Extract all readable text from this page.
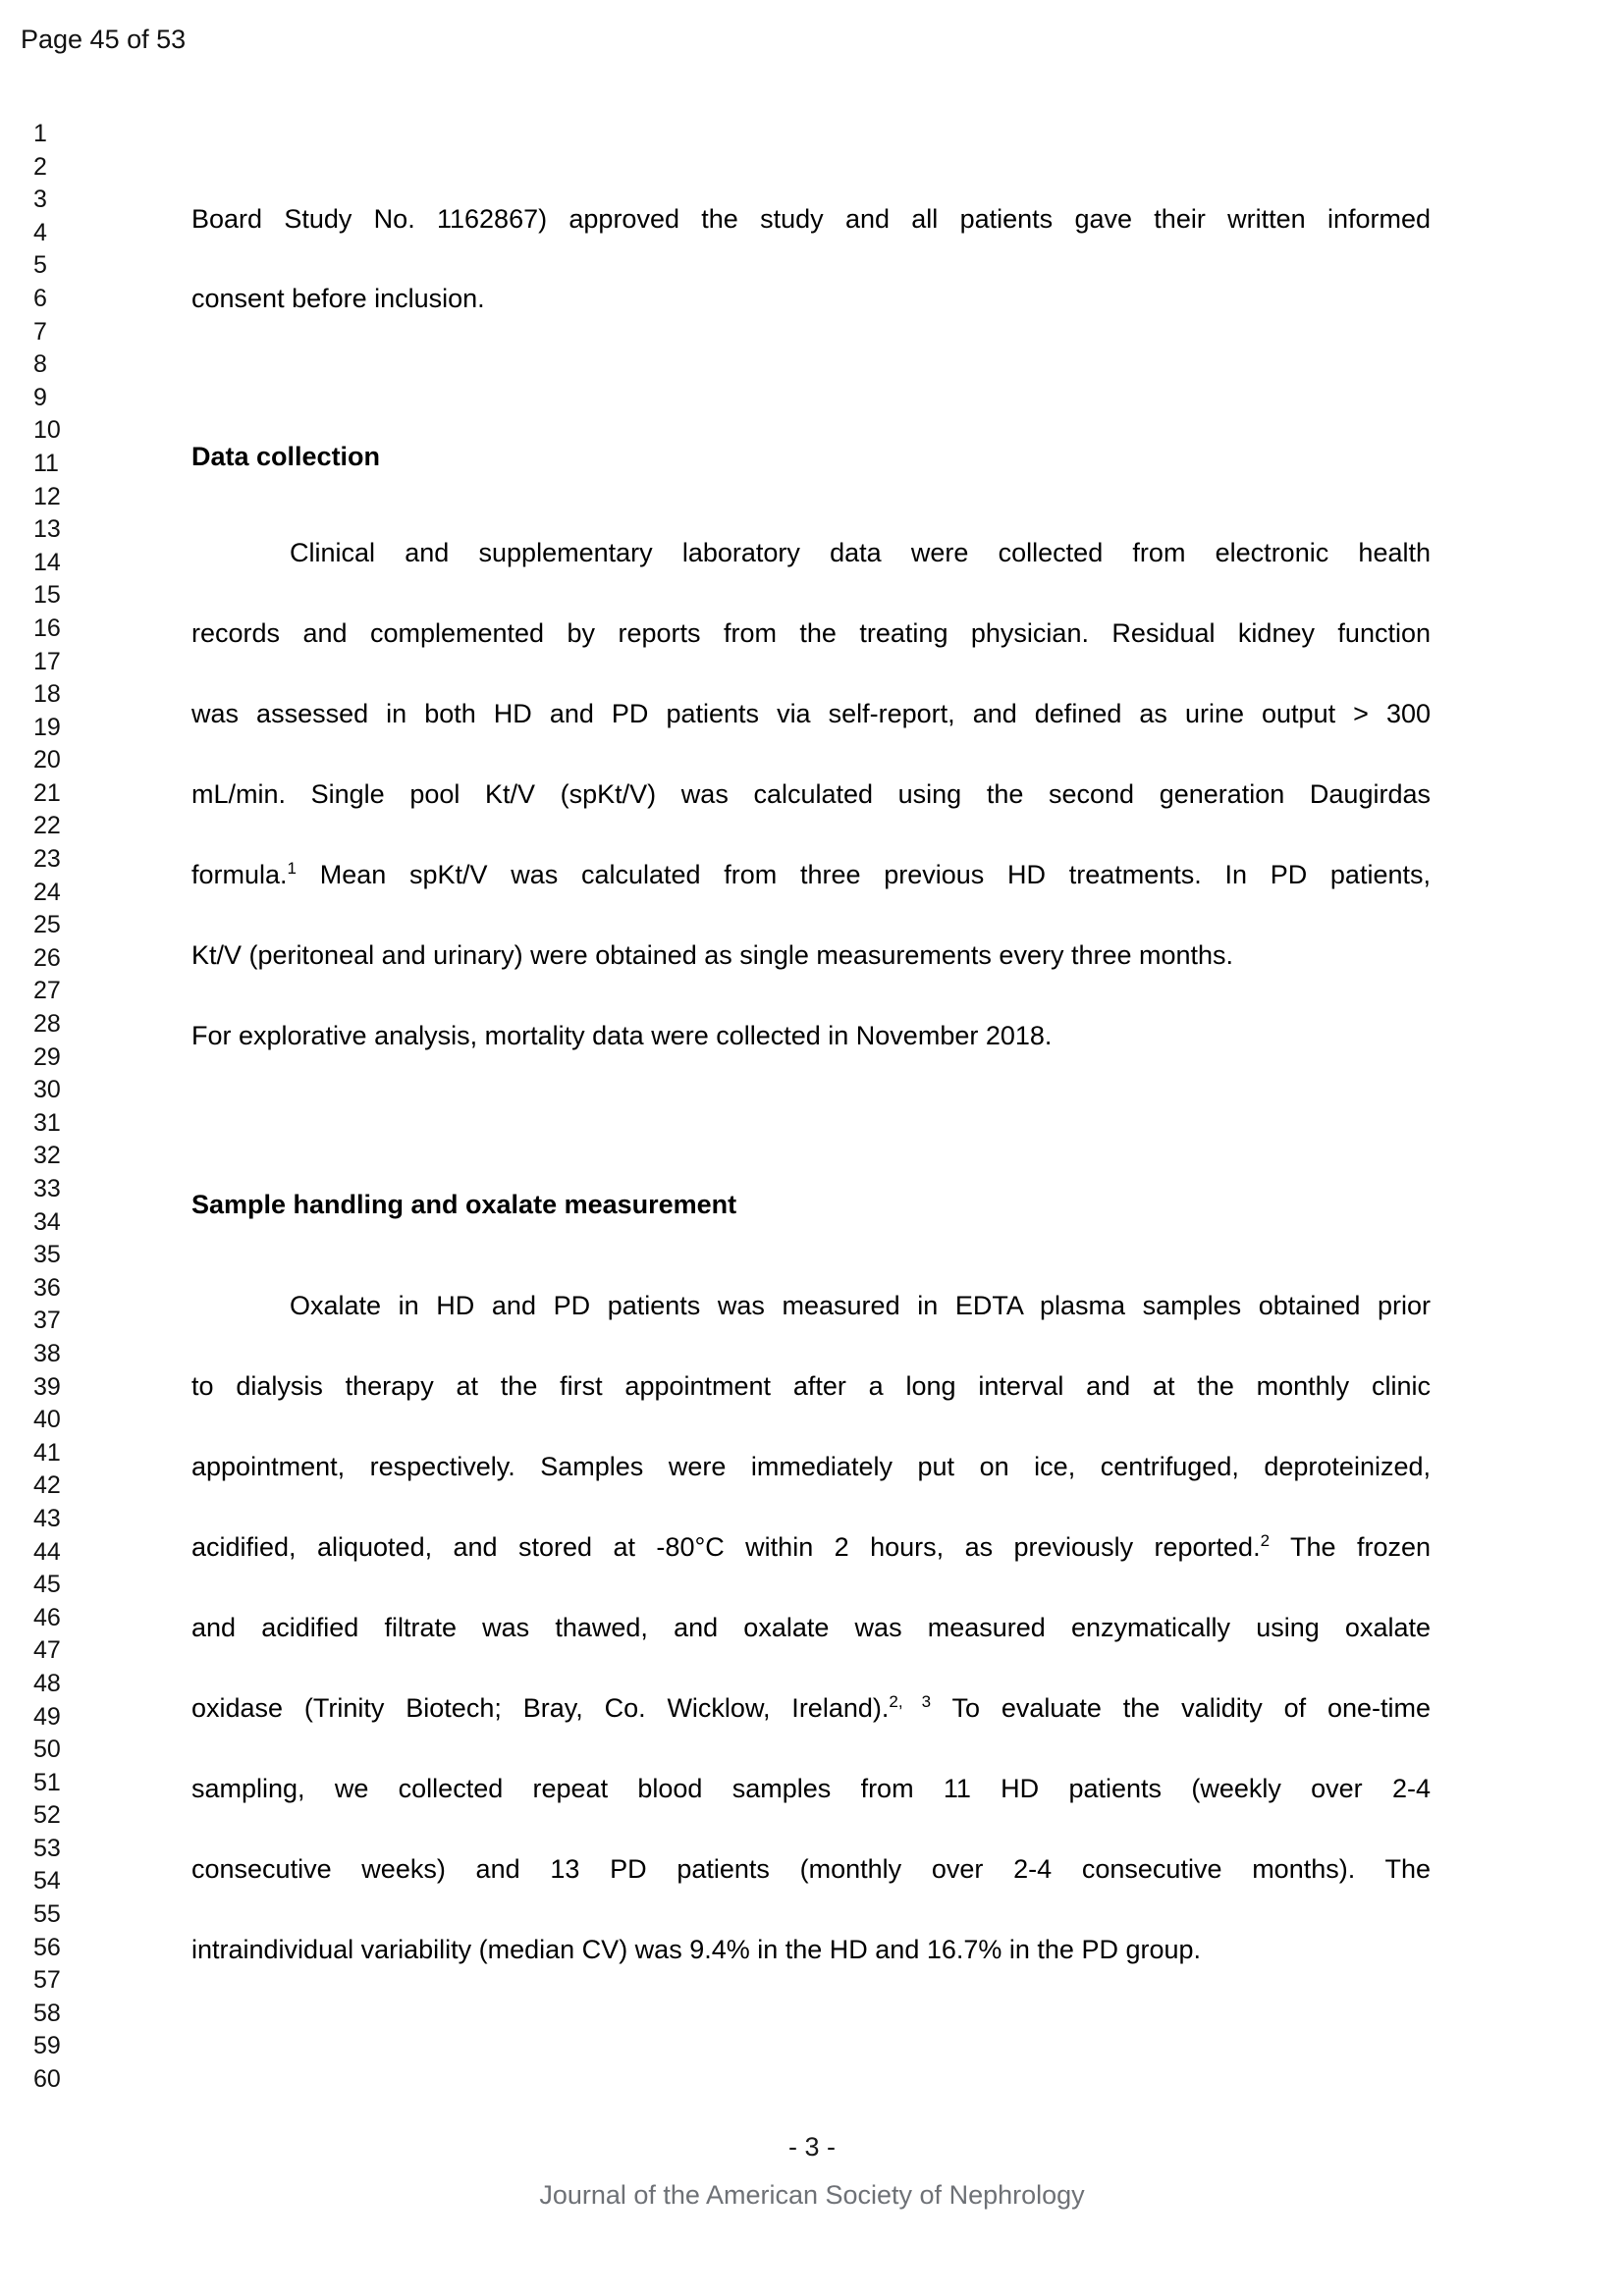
Page 45 of 53
1
2
3
4
5
6
7
8
9
10
11
12
13
14
15
16
17
18
19
20
21
22
23
24
25
26
27
28
29
30
31
32
33
34
35
36
37
38
39
40
41
42
43
44
45
46
47
48
49
50
51
52
53
54
55
56
57
58
59
60
Board Study No. 1162867) approved the study and all patients gave their written informed
consent before inclusion.
Data collection
Clinical and supplementary laboratory data were collected from electronic health
records and complemented by reports from the treating physician. Residual kidney function
was assessed in both HD and PD patients via self-report, and defined as urine output > 300
mL/min. Single pool Kt/V (spKt/V) was calculated using the second generation Daugirdas
formula.$^1$ Mean spKt/V was calculated from three previous HD treatments. In PD patients,
Kt/V (peritoneal and urinary) were obtained as single measurements every three months.
For explorative analysis, mortality data were collected in November 2018.
Sample handling and oxalate measurement
Oxalate in HD and PD patients was measured in EDTA plasma samples obtained prior
to dialysis therapy at the first appointment after a long interval and at the monthly clinic
appointment, respectively. Samples were immediately put on ice, centrifuged, deproteinized,
acidified, aliquoted, and stored at -80°C within 2 hours, as previously reported.$^2$ The frozen
and acidified filtrate was thawed, and oxalate was measured enzymatically using oxalate
oxidase (Trinity Biotech; Bray, Co. Wicklow, Ireland).$^{2, 3}$ To evaluate the validity of one-time
sampling, we collected repeat blood samples from 11 HD patients (weekly over 2-4
consecutive weeks) and 13 PD patients (monthly over 2-4 consecutive months). The
intraindividual variability (median CV) was 9.4% in the HD and 16.7% in the PD group.
- 3 -
Journal of the American Society of Nephrology
